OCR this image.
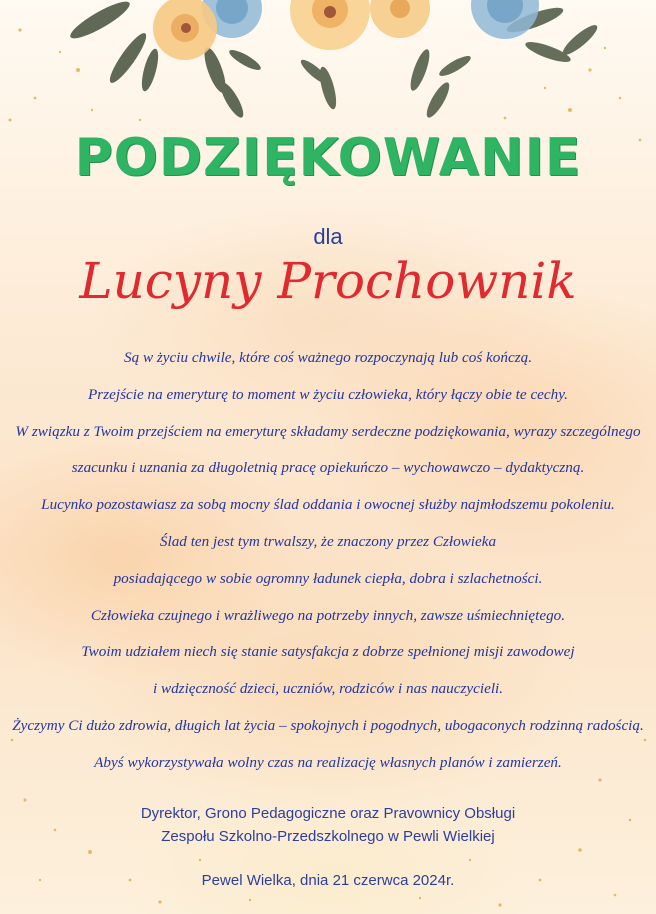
PODZIĘKOWANIE
dla
Lucyny Prochownik
Są w życiu chwile, które coś ważnego rozpoczynają lub coś kończą.
Przejście na emeryturę to moment w życiu człowieka, który łączy obie te cechy.
W związku z Twoim przejściem na emeryturę składamy serdeczne podziękowania, wyrazy szczególnego
szacunku i uznania za długoletnią pracę opiekuńczo – wychowawczo – dydaktyczną.
Lucynko pozostawiasz za sobą mocny ślad oddania i owocnej służby najmłodszemu pokoleniu.
Ślad ten jest tym trwalszy, że znaczony przez Człowieka
posiadającego w sobie ogromny ładunek ciepła, dobra i szlachetności.
Człowieka czujnego i wrażliwego na potrzeby innych, zawsze uśmiechniętego.
Twoim udziałem niech się stanie satysfakcja z dobrze spełnionej misji zawodowej
i wdzięczność dzieci, uczniów, rodziców i nas nauczycieli.
Życzymy Ci dużo zdrowia, długich lat życia – spokojnych i pogodnych, ubogaconych rodzinną radością.
Abyś wykorzystywała wolny czas na realizację własnych planów i zamierzeń.
Dyrektor, Grono Pedagogiczne oraz Pravownicy Obsługi
Zespołu Szkolno-Przedszkolnego w Pewli Wielkiej
Pewel Wielka, dnia 21 czerwca 2024r.
